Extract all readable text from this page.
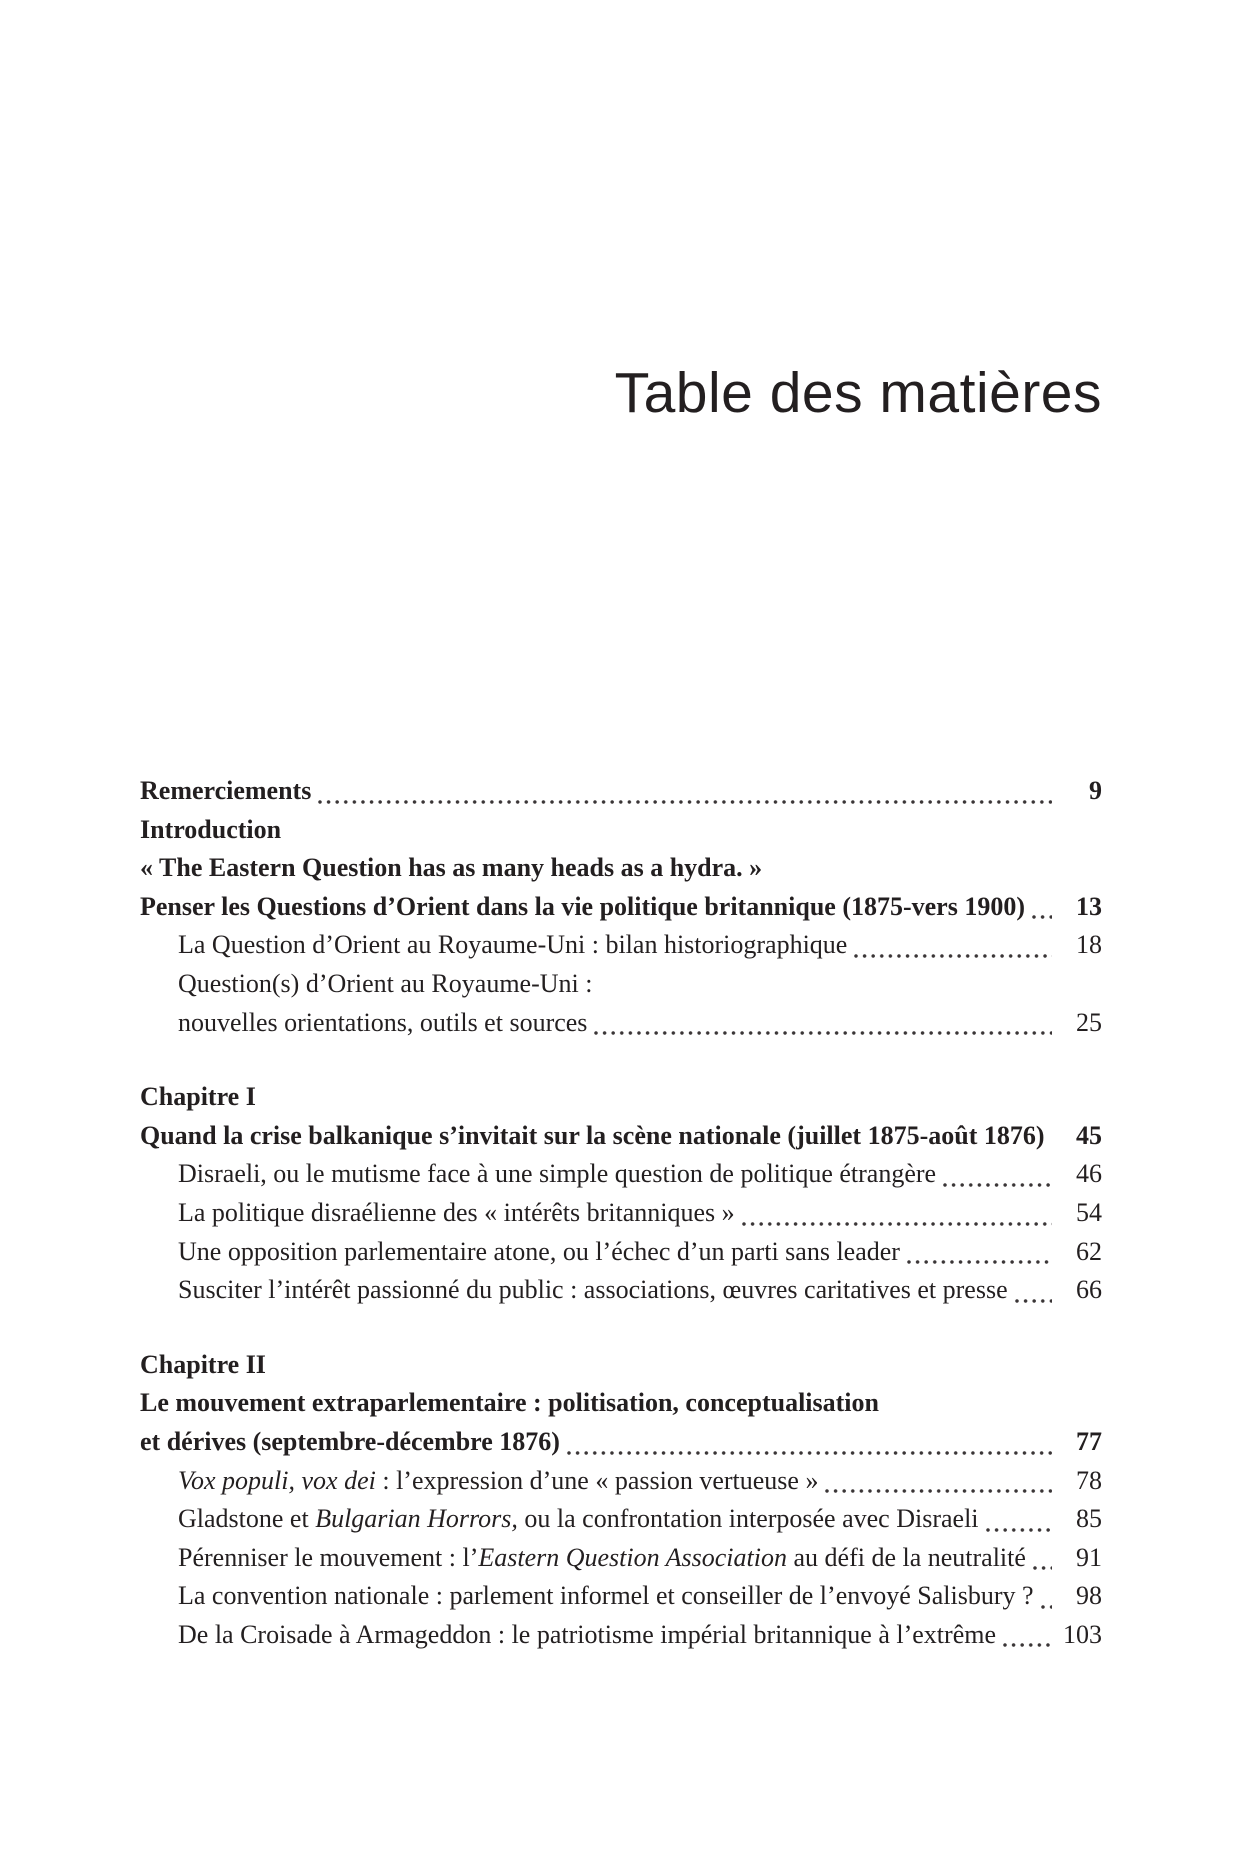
Table des matières
Remerciements	9
Introduction
« The Eastern Question has as many heads as a hydra. »
Penser les Questions d’Orient dans la vie politique britannique (1875-vers 1900)	13
La Question d’Orient au Royaume-Uni : bilan historiographique	18
Question(s) d’Orient au Royaume-Uni :
nouvelles orientations, outils et sources	25
Chapitre I
Quand la crise balkanique s’invitait sur la scène nationale (juillet 1875-août 1876)	45
Disraeli, ou le mutisme face à une simple question de politique étrangère	46
La politique disraélienne des « intérêts britanniques »	54
Une opposition parlementaire atone, ou l’échec d’un parti sans leader	62
Susciter l’intérêt passionné du public : associations, œuvres caritatives et presse	66
Chapitre II
Le mouvement extraparlementaire : politisation, conceptualisation
et dérives (septembre-décembre 1876)	77
Vox populi, vox dei : l’expression d’une « passion vertueuse »	78
Gladstone et Bulgarian Horrors, ou la confrontation interposée avec Disraeli	85
Pérenniser le mouvement : l’Eastern Question Association au défi de la neutralité	91
La convention nationale : parlement informel et conseiller de l’envoyé Salisbury ?	98
De la Croisade à Armageddon : le patriotisme impérial britannique à l’extrême	103
